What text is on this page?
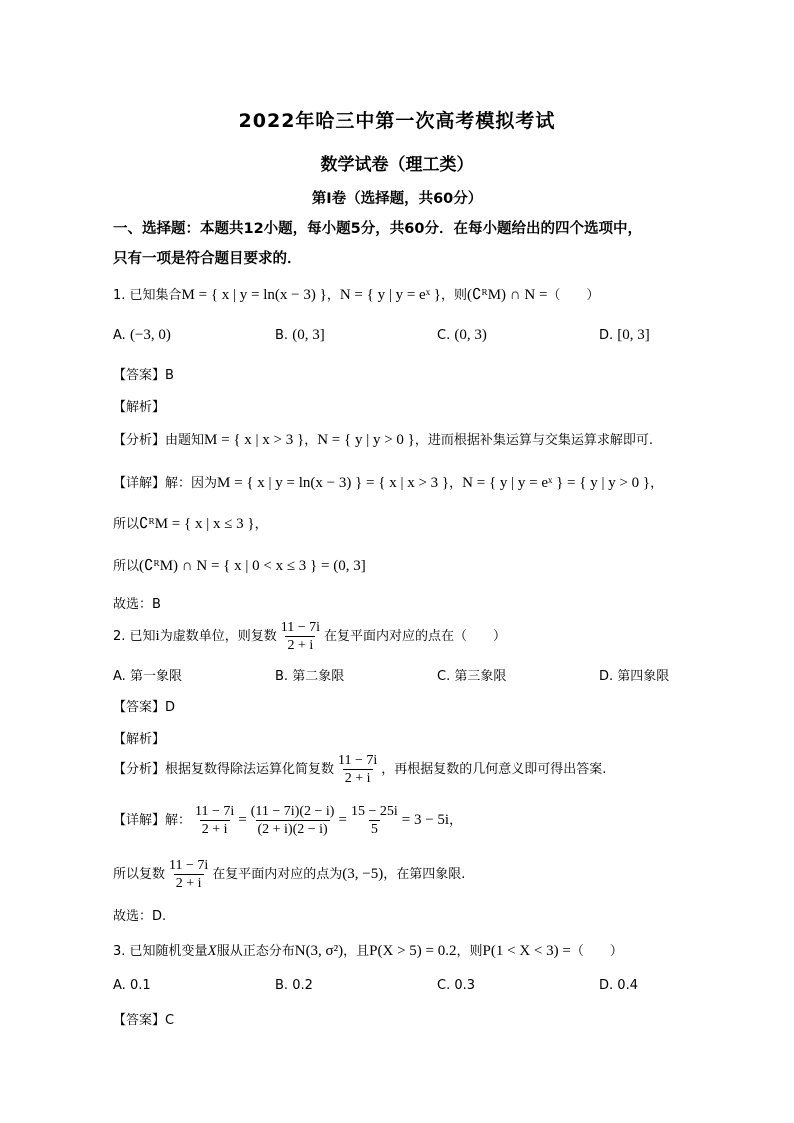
2022年哈三中第一次高考模拟考试
数学试卷（理工类）
第Ⅰ卷（选择题，共60分）
一、选择题：本题共12小题，每小题5分，共60分．在每小题给出的四个选项中，
只有一项是符合题目要求的．
1. 已知集合M = { x | y = ln(x − 3) }，N = { y | y = eˣ }，则(∁ᴿM) ∩ N =（　　）
A. (−3, 0)	B. (0, 3]	C. (0, 3)	D. [0, 3]
【答案】B
【解析】
【分析】由题知M = { x | x > 3 }，N = { y | y > 0 }，进而根据补集运算与交集运算求解即可.
【详解】解：因为M = { x | y = ln(x − 3) } = { x | x > 3 }，N = { y | y = eˣ } = { y | y > 0 }，
所以∁ᴿM = { x | x ≤ 3 }，
所以(∁ᴿM) ∩ N = { x | 0 < x ≤ 3 } = (0, 3]
故选：B
2. 已知i为虚数单位，则复数 $\frac{11 - 7i}{2 + i}$ 在复平面内对应的点在（　　）
A. 第一象限	B. 第二象限	C. 第三象限	D. 第四象限
【答案】D
【解析】
【分析】根据复数得除法运算化简复数 $\frac{11 - 7i}{2 + i}$ ，再根据复数的几何意义即可得出答案.
【详解】解： $\frac{11 - 7i}{2 + i} = \frac{(11 - 7i)(2 - i)}{(2 + i)(2 - i)} = \frac{15 - 25i}{5} = 3 - 5i$，
所以复数 $\frac{11 - 7i}{2 + i}$ 在复平面内对应的点为(3, −5)，在第四象限.
故选：D.
3. 已知随机变量X服从正态分布N(3, σ²)，且P(X > 5) = 0.2，则P(1 < X < 3) =（　　）
A. 0.1	B. 0.2	C. 0.3	D. 0.4
【答案】C
